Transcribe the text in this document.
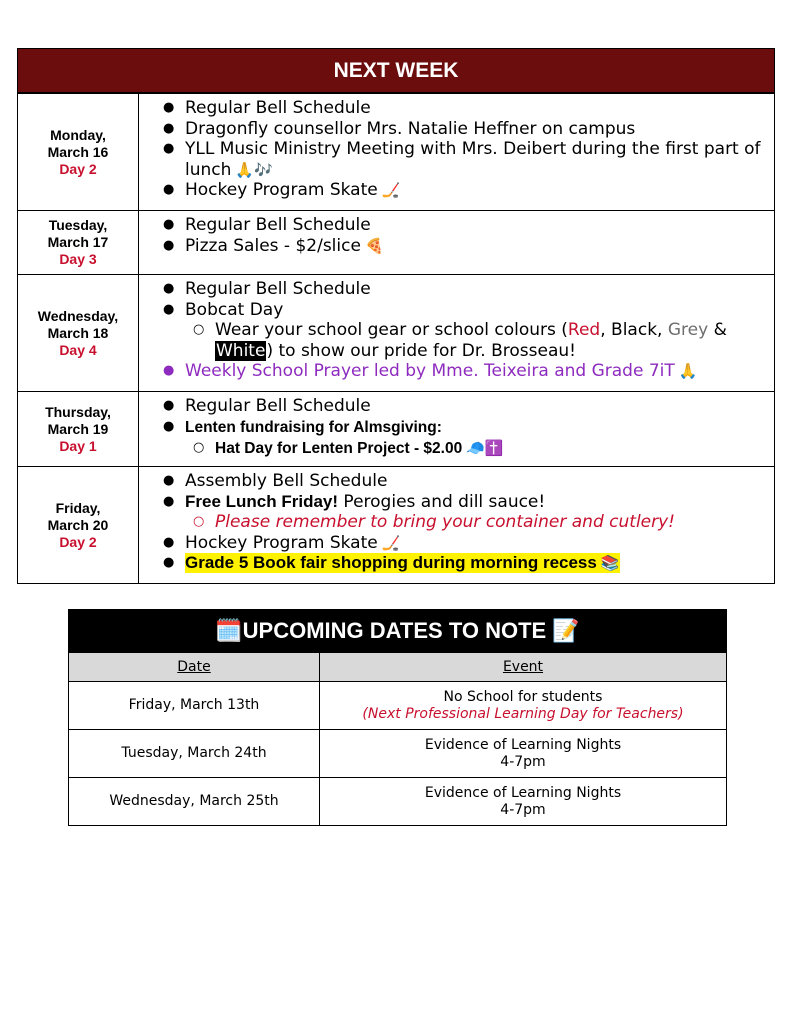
NEXT WEEK
Monday,
March 16
Day 2
● Regular Bell Schedule
● Dragonfly counsellor Mrs. Natalie Heffner on campus
● YLL Music Ministry Meeting with Mrs. Deibert during the first part of lunch 🙏🎶
● Hockey Program Skate 🏒
Tuesday,
March 17
Day 3
● Regular Bell Schedule
● Pizza Sales - $2/slice 🍕
Wednesday,
March 18
Day 4
● Regular Bell Schedule
● Bobcat Day
○ Wear your school gear or school colours (Red, Black, Grey & White) to show our pride for Dr. Brosseau!
● Weekly School Prayer led by Mme. Teixeira and Grade 7iT 🙏
Thursday,
March 19
Day 1
● Regular Bell Schedule
● Lenten fundraising for Almsgiving:
○ Hat Day for Lenten Project - $2.00 🧢✝️
Friday,
March 20
Day 2
● Assembly Bell Schedule
● Free Lunch Friday! Perogies and dill sauce!
○ Please remember to bring your container and cutlery!
● Hockey Program Skate 🏒
● Grade 5 Book fair shopping during morning recess 📚
🗓️UPCOMING DATES TO NOTE 📝
Date	Event
Friday, March 13th
No School for students
(Next Professional Learning Day for Teachers)
Tuesday, March 24th
Evidence of Learning Nights
4-7pm
Wednesday, March 25th
Evidence of Learning Nights
4-7pm
